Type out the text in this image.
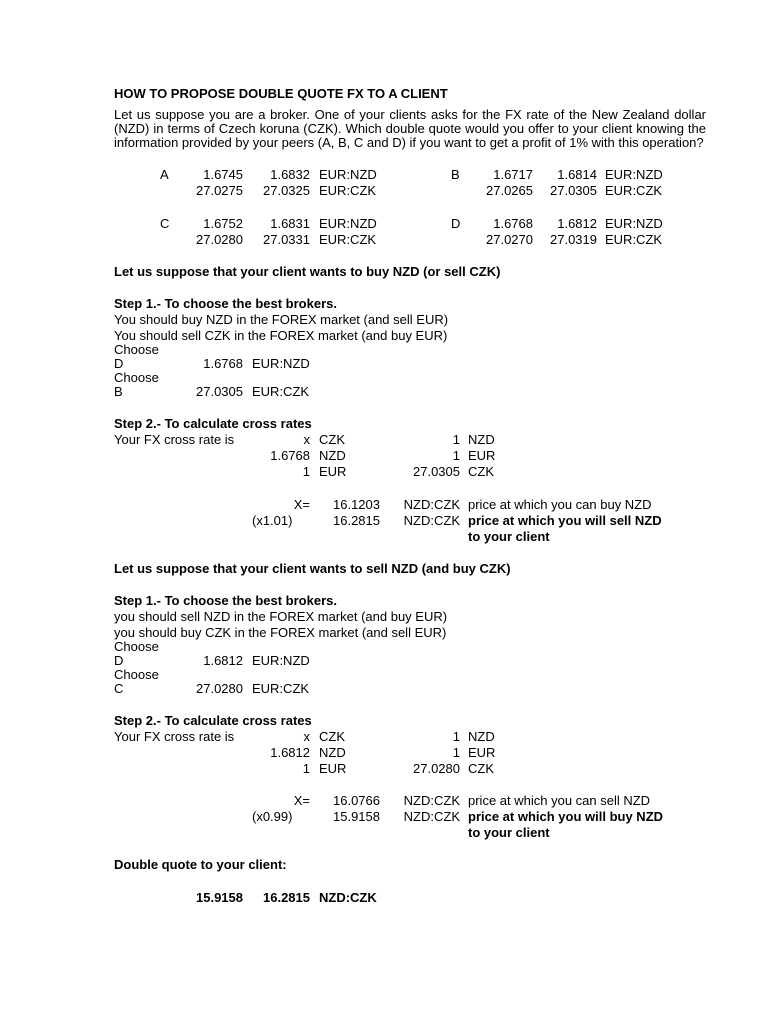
HOW TO PROPOSE DOUBLE QUOTE FX TO A CLIENT
Let us suppose you are a broker. One of your clients asks for the FX rate of the New Zealand dollar (NZD) in terms of Czech koruna (CZK). Which double quote would you offer to your client knowing the information provided by your peers (A, B, C and D) if you want to get a profit of 1% with this operation?
A	1.6745	1.6832 EUR:NZD
27.0275	27.0325 EUR:CZK
B	1.6717	1.6814 EUR:NZD
27.0265	27.0305 EUR:CZK
C	1.6752	1.6831 EUR:NZD
27.0280	27.0331 EUR:CZK
D	1.6768	1.6812 EUR:NZD
27.0270	27.0319 EUR:CZK
Let us suppose that your client wants to buy NZD (or sell CZK)
Step 1.- To choose the best brokers.
You should buy NZD in the FOREX market (and sell EUR)
You should sell CZK in the FOREX market (and buy EUR)
Choose
D	1.6768 EUR:NZD
Choose
B	27.0305 EUR:CZK
Step 2.- To calculate cross rates
Your FX cross rate is	x CZK	1 NZD
1.6768 NZD	1 EUR
1 EUR	27.0305 CZK
X=	16.1203	NZD:CZK price at which you can buy NZD
(x1.01)	16.2815	NZD:CZK price at which you will sell NZD
to your client
Let us suppose that your client wants to sell NZD (and buy CZK)
Step 1.- To choose the best brokers.
you should sell NZD in the FOREX market (and buy EUR)
you should buy CZK in the FOREX market (and sell EUR)
Choose
D	1.6812 EUR:NZD
Choose
C	27.0280 EUR:CZK
Step 2.- To calculate cross rates
Your FX cross rate is	x CZK	1 NZD
1.6812 NZD	1 EUR
1 EUR	27.0280 CZK
X=	16.0766	NZD:CZK price at which you can sell NZD
(x0.99)	15.9158	NZD:CZK price at which you will buy NZD
to your client
Double quote to your client:
15.9158	16.2815 NZD:CZK
